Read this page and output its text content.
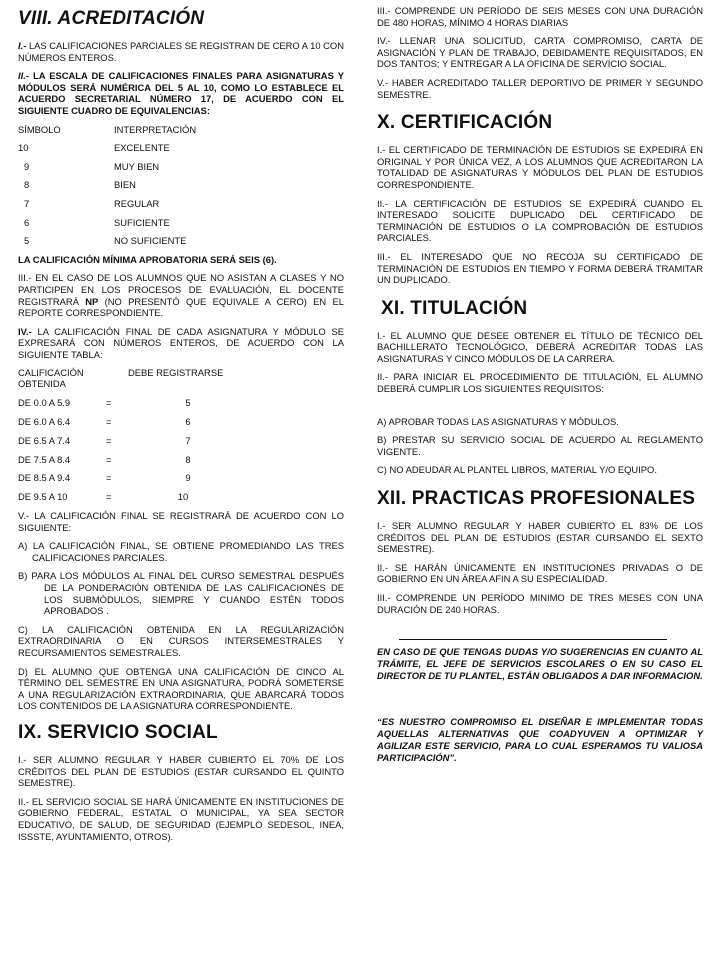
VIII. ACREDITACIÓN

I.- LAS CALIFICACIONES PARCIALES SE REGISTRAN DE CERO A 10 CON NÚMEROS ENTEROS.

II.- LA ESCALA DE CALIFICACIONES FINALES PARA ASIGNATURAS Y MÓDULOS SERÁ NUMÉRICA DEL 5 AL 10, COMO LO ESTABLECE EL ACUERDO SECRETARIAL NÚMERO 17, DE ACUERDO CON EL SIGUIENTE CUADRO DE EQUIVALENCIAS:

SÍMBOLO	INTERPRETACIÓN
10	EXCELENTE
9	MUY BIEN
8	BIEN
7	REGULAR
6	SUFICIENTE
5	NO SUFICIENTE

LA CALIFICACIÓN MÍNIMA APROBATORIA SERÁ SEIS (6).

III.- EN EL CASO DE LOS ALUMNOS QUE NO ASISTAN A CLASES Y NO PARTICIPEN EN LOS PROCESOS DE EVALUACIÓN, EL DOCENTE REGISTRARÁ NP (NO PRESENTÓ QUE EQUIVALE A CERO) EN EL REPORTE CORRESPONDIENTE.

IV.- LA CALIFICACIÓN FINAL DE CADA ASIGNATURA Y MÓDULO SE EXPRESARÁ CON NÚMEROS ENTEROS, DE ACUERDO CON LA SIGUIENTE TABLA:

CALIFICACIÓN OBTENIDA
DEBE REGISTRARSE
DE 0.0 A 5.9	=	5
DE 6.0 A 6.4	=	6
DE 6.5 A 7.4	=	7
DE 7.5 A 8.4	=	8
DE 8.5 A 9.4	=	9
DE 9.5 A 10	=	10

V.- LA CALIFICACIÓN FINAL SE REGISTRARÁ DE ACUERDO CON LO SIGUIENTE:

A) LA CALIFICACIÓN FINAL, SE OBTIENE PROMEDIANDO LAS TRES CALIFICACIONES PARCIALES.

B) PARA LOS MÓDULOS AL FINAL DEL CURSO SEMESTRAL DESPUÉS DE LA PONDERACIÓN OBTENIDA DE LAS CALIFICACIONES DE LOS SUBMÓDULOS, SIEMPRE Y CUANDO ESTÉN TODOS APROBADOS .

C) LA CALIFICACIÓN OBTENIDA EN LA REGULARIZACIÓN EXTRAORDINARIA O EN CURSOS INTERSEMESTRALES Y RECURSAMIENTOS SEMESTRALES.

D) EL ALUMNO QUE OBTENGA UNA CALIFICACIÓN DE CINCO AL TÉRMINO DEL SEMESTRE EN UNA ASIGNATURA, PODRÁ SOMETERSE A UNA REGULARIZACIÓN EXTRAORDINARIA, QUE ABARCARÁ TODOS LOS CONTENIDOS DE LA ASIGNATURA CORRESPONDIENTE.

IX. SERVICIO SOCIAL

I.- SER ALUMNO REGULAR Y HABER CUBIERTO EL 70% DE LOS CRÉDITOS DEL PLAN DE ESTUDIOS (ESTAR CURSANDO EL QUINTO SEMESTRE).

II.- EL SERVICIO SOCIAL SE HARÁ ÚNICAMENTE EN INSTITUCIONES DE GOBIERNO FEDERAL, ESTATAL O MUNICIPAL, YA SEA SECTOR EDUCATIVO, DE SALUD, DE SEGURIDAD (EJEMPLO SEDESOL, INEA, ISSSTE, AYUNTAMIENTO, OTROS).

III.- COMPRENDE UN PERÍODO DE SEIS MESES CON UNA DURACIÓN DE 480 HORAS, MÍNIMO 4 HORAS DIARIAS

IV.- LLENAR UNA SOLICITUD, CARTA COMPROMISO, CARTA DE ASIGNACIÓN Y PLAN DE TRABAJO, DEBIDAMENTE REQUISITADOS, EN DOS TANTOS; Y ENTREGAR A LA OFICINA DE SERVICIO SOCIAL.

V.- HABER ACREDITADO TALLER DEPORTIVO DE PRIMER Y SEGUNDO SEMESTRE.

X. CERTIFICACIÓN

I.- EL CERTIFICADO DE TERMINACIÓN DE ESTUDIOS SE EXPEDIRÁ EN ORIGINAL Y POR ÚNICA VEZ, A LOS ALUMNOS QUE ACREDITARON LA TOTALIDAD DE ASIGNATURAS Y MÓDULOS DEL PLAN DE ESTUDIOS CORRESPONDIENTE.

II.- LA CERTIFICACIÓN DE ESTUDIOS SE EXPEDIRÁ CUANDO EL INTERESADO SOLICITE DUPLICADO DEL CERTIFICADO DE TERMINACIÓN DE ESTUDIOS O LA COMPROBACIÓN DE ESTUDIOS PARCIALES.

III.- EL INTERESADO QUE NO RECOJA SU CERTIFICADO DE TERMINACIÓN DE ESTUDIOS EN TIEMPO Y FORMA DEBERÁ TRAMITAR UN DUPLICADO.

XI. TITULACIÓN

I.- EL ALUMNO QUE DESEE OBTENER EL TÍTULO DE TÉCNICO DEL BACHILLERATO TECNOLÓGICO, DEBERÁ ACREDITAR TODAS LAS ASIGNATURAS Y CINCO MÓDULOS DE LA CARRERA.

II.- PARA INICIAR EL PROCEDIMIENTO DE TITULACIÓN, EL ALUMNO DEBERÁ CUMPLIR LOS SIGUIENTES REQUISITOS:

A) APROBAR TODAS LAS ASIGNATURAS Y MÓDULOS.

B) PRESTAR SU SERVICIO SOCIAL DE ACUERDO AL REGLAMENTO VIGENTE.

C) NO ADEUDAR AL PLANTEL LIBROS, MATERIAL Y/O EQUIPO.

XII. PRACTICAS PROFESIONALES

I.- SER ALUMNO REGULAR Y HABER CUBIERTO EL 83% DE LOS CRÉDITOS DEL PLAN DE ESTUDIOS (ESTAR CURSANDO EL SEXTO SEMESTRE).

II.- SE HARÁN ÚNICAMENTE EN INSTITUCIONES PRIVADAS O DE GOBIERNO EN UN ÁREA AFIN A SU ESPECIALIDAD.

III.- COMPRENDE UN PERÍODO MINIMO DE TRES MESES CON UNA DURACIÓN DE 240 HORAS.

EN CASO DE QUE TENGAS DUDAS Y/O SUGERENCIAS EN CUANTO AL TRÁMITE, EL JEFE DE SERVICIOS ESCOLARES O EN SU CASO EL DIRECTOR DE TU PLANTEL, ESTÁN OBLIGADOS A DAR INFORMACION.

“ES NUESTRO COMPROMISO EL DISEÑAR E IMPLEMENTAR TODAS AQUELLAS ALTERNATIVAS QUE COADYUVEN A OPTIMIZAR Y AGILIZAR ESTE SERVICIO, PARA LO CUAL ESPERAMOS TU VALIOSA PARTICIPACIÓN”.
